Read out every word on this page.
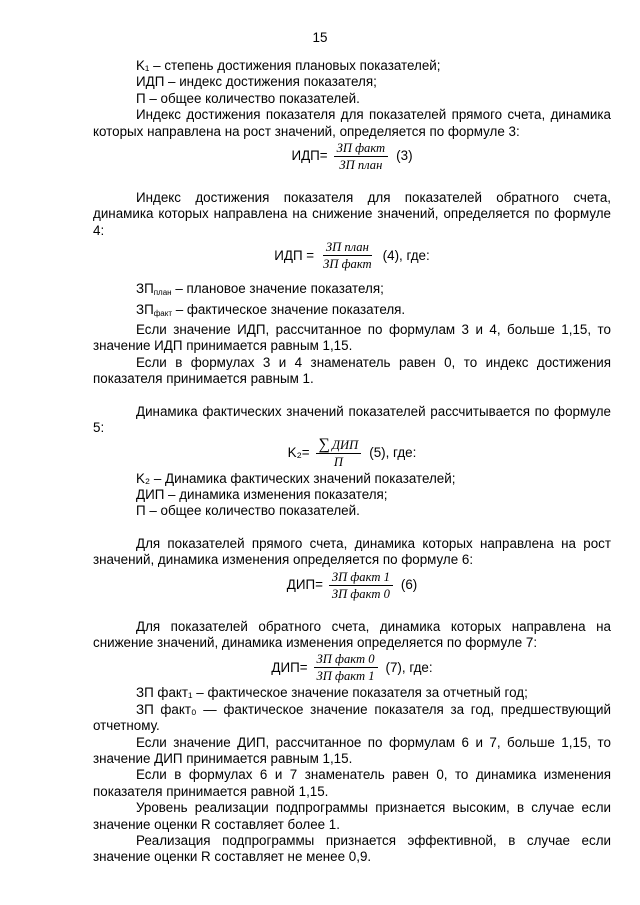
15

K₁ – степень достижения плановых показателей;

ИДП – индекс достижения показателя;

П – общее количество показателей.

Индекс достижения показателя для показателей прямого счета, динамика которых направлена на рост значений, определяется по формуле 3:

$ИДП= \frac{\text{ЗП факт}}{\text{ЗП план}} (3)$

Индекс достижения показателя для показателей обратного счета, динамика которых направлена на снижение значений, определяется по формуле 4:

ИДП = $\frac{\text{ЗП план}}{\text{ЗП факт}} (4)$, где:

$ЗП_{план}$ – плановое значение показателя;

$ЗП_{факт}$ – фактическое значение показателя.

Если значение ИДП, рассчитанное по формулам 3 и 4, больше 1,15, то значение ИДП принимается равным 1,15.

Если в формулах 3 и 4 знаменатель равен 0, то индекс достижения показателя принимается равным 1.

Динамика фактических значений показателей рассчитывается по формуле 5:

$K_2= \frac{\text{∑ ДИП}}{П} (5)$, где:

K₂ – Динамика фактических значений показателей;

ДИП – динамика изменения показателя;

П – общее количество показателей.

Для показателей прямого счета, динамика которых направлена на рост значений, динамика изменения определяется по формуле 6:

$ДИП= \frac{\text{ЗП факт 1}}{\text{ЗП факт 0}} (6)$

Для показателей обратного счета, динамика которых направлена на снижение значений, динамика изменения определяется по формуле 7:

$ДИП= \frac{\text{ЗП факт 0}}{\text{ЗП факт 1}} (7)$, где:

ЗП факт₁ – фактическое значение показателя за отчетный год;

ЗП факт₀ — фактическое значение показателя за год, предшествующий отчетному.

Если значение ДИП, рассчитанное по формулам 6 и 7, больше 1,15, то значение ДИП принимается равным 1,15.

Если в формулах 6 и 7 знаменатель равен 0, то динамика изменения показателя принимается равной 1,15.

Уровень реализации подпрограммы признается высоким, в случае если значение оценки R составляет более 1.

Реализация подпрограммы признается эффективной, в случае если значение оценки R составляет не менее 0,9.
